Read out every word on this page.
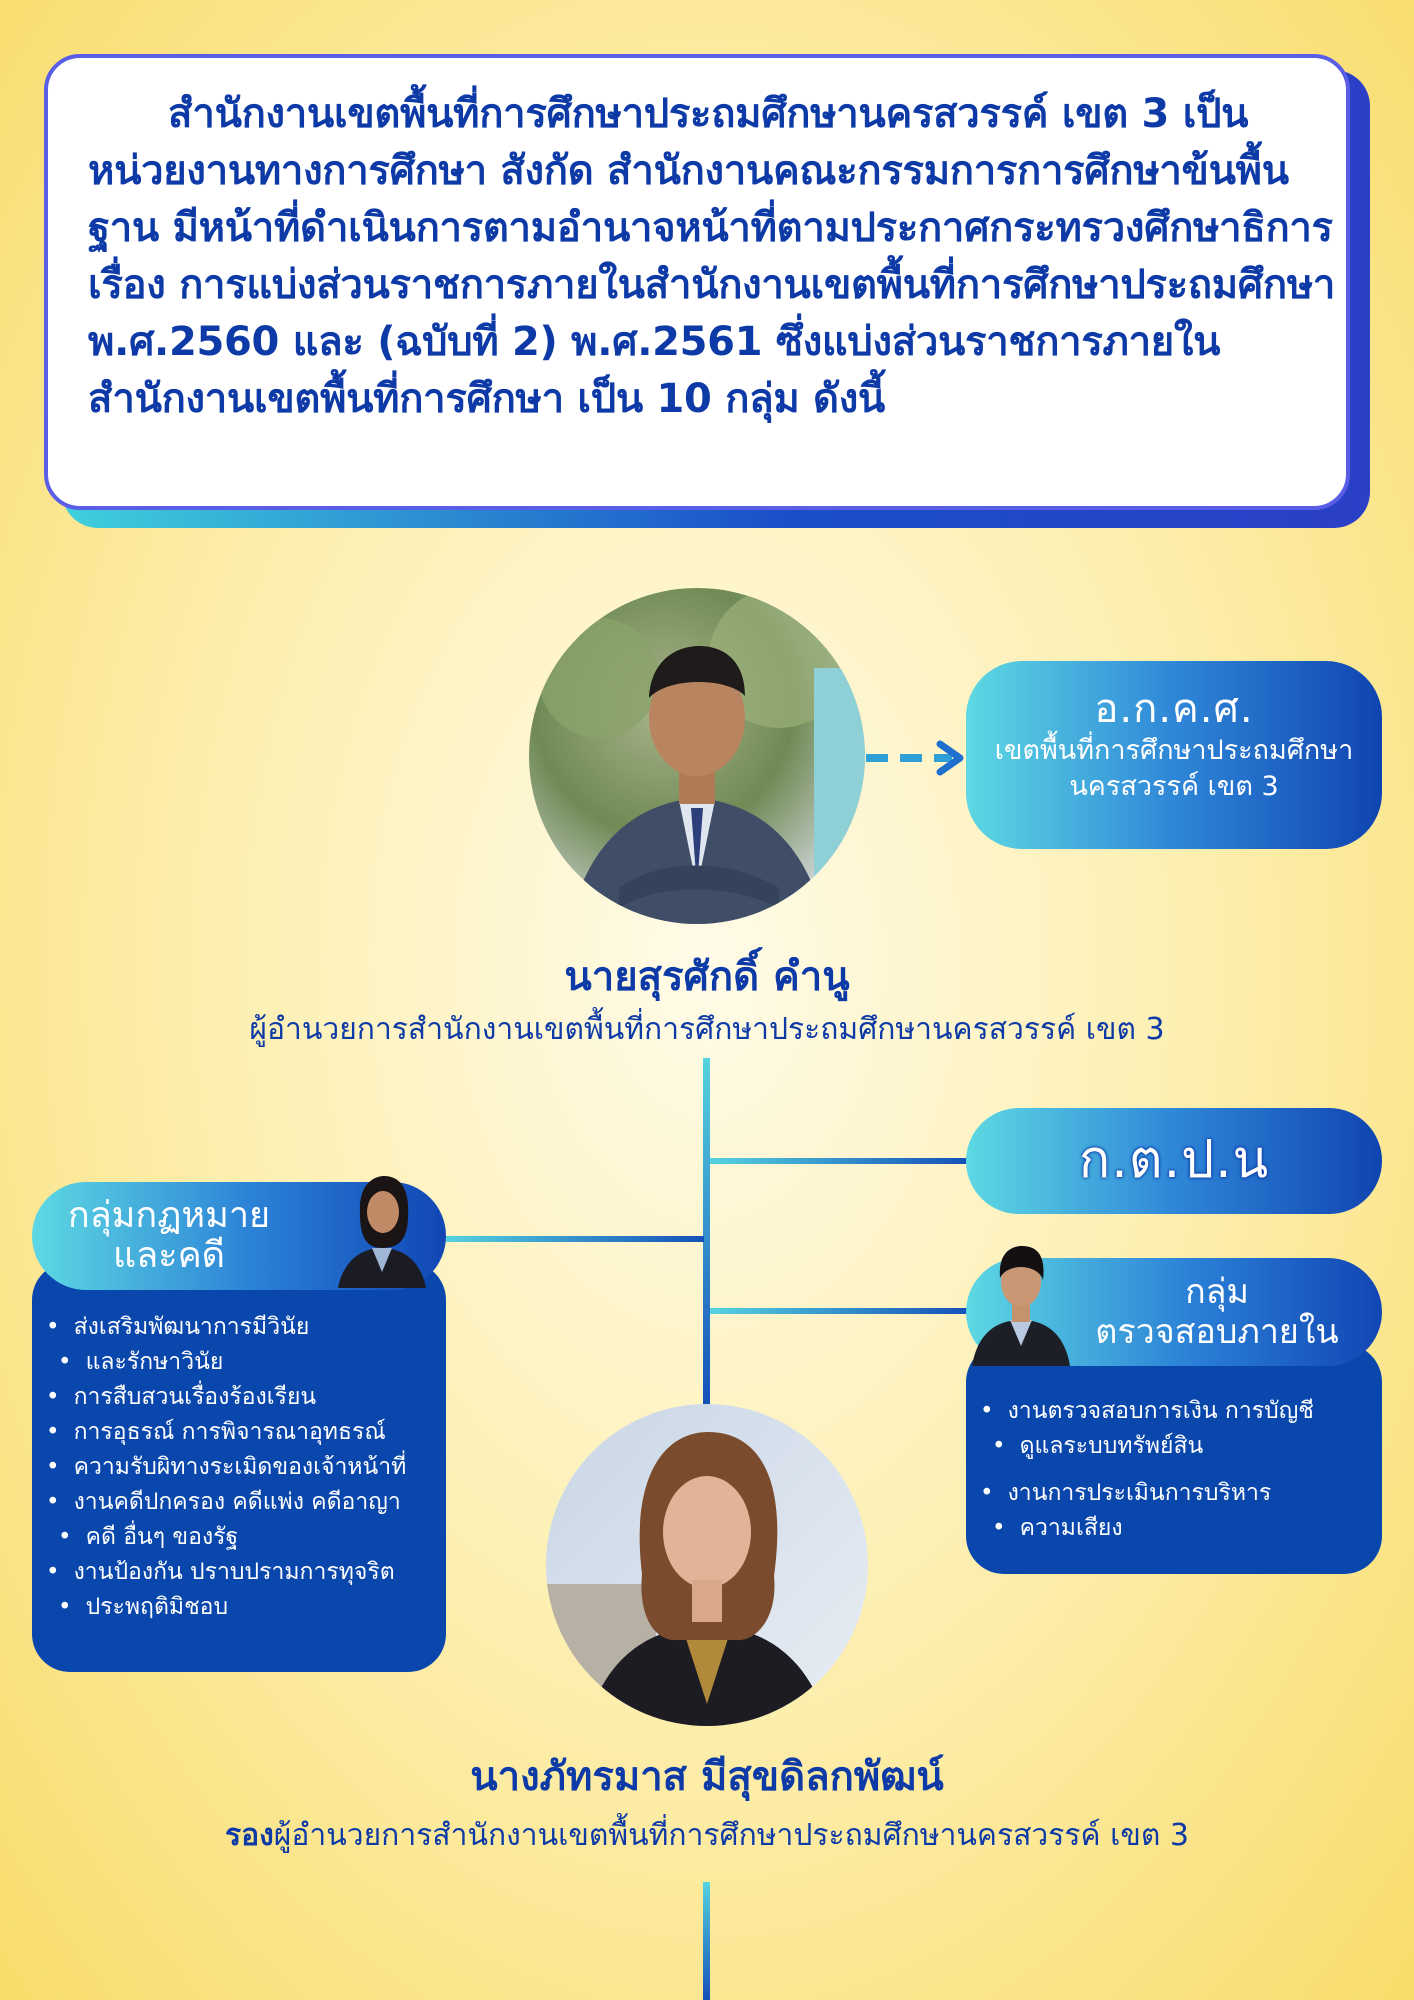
สำนักงานเขตพื้นที่การศึกษาประถมศึกษานครสวรรค์ เขต 3 เป็นหน่วยงานทางการศึกษา สังกัด สำนักงานคณะกรรมการการศึกษาข้นพื้นฐาน มีหน้าที่ดำเนินการตามอำนาจหน้าที่ตามประกาศกระทรวงศึกษาธิการ เรื่อง การแบ่งส่วนราชการภายในสำนักงานเขตพื้นที่การศึกษาประถมศึกษา พ.ศ.2560 และ (ฉบับที่ 2) พ.ศ.2561 ซึ่งแบ่งส่วนราชการภายใน สำนักงานเขตพื้นที่การศึกษา เป็น 10 กลุ่ม ดังนี้

อ.ก.ค.ศ.
เขตพื้นที่การศึกษาประถมศึกษา
นครสวรรค์ เขต 3
นายสุรศักดิ์ คำนู
ผู้อำนวยการสำนักงานเขตพื้นที่การศึกษาประถมศึกษานครสวรรค์ เขต 3
ก.ต.ป.น
• ส่งเสริมพัฒนาการมีวินัย
• และรักษาวินัย
• การสืบสวนเรื่องร้องเรียน
• การอุธรณ์ การพิจารณาอุทธรณ์
• ความรับผิทางระเมิดของเจ้าหน้าที่
• งานคดีปกครอง คดีแพ่ง คดีอาญา
• คดี อื่นๆ ของรัฐ
• งานป้องกัน ปราบปรามการทุจริต
• ประพฤติมิชอบ
กลุ่มกฏหมาย
และคดี
• งานตรวจสอบการเงิน การบัญชี
• ดูแลระบบทรัพย์สิน
• งานการประเมินการบริหาร
• ความเสียง
กลุ่ม
ตรวจสอบภายใน
นางภัทรมาส มีสุขดิลกพัฒน์
รองผู้อำนวยการสำนักงานเขตพื้นที่การศึกษาประถมศึกษานครสวรรค์ เขต 3
